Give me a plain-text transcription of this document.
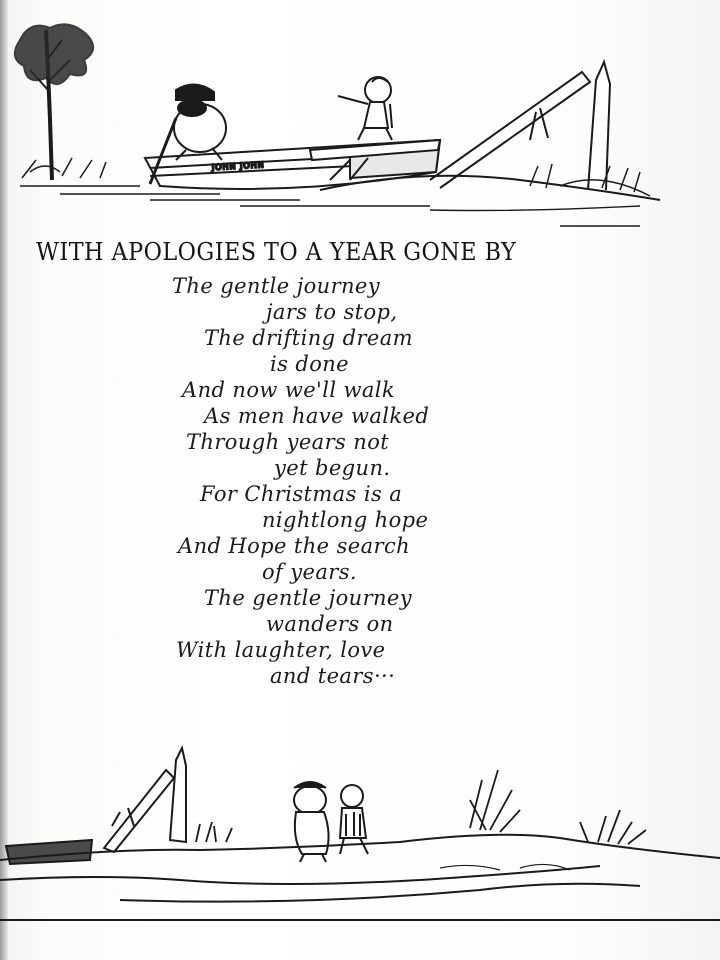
JOHN JOHN
WITH APOLOGIES TO A YEAR GONE BY
The gentle journey
jars to stop,
The drifting dream
is done
And now we'll walk
As men have walked
Through years not
yet begun.
For Christmas is a
nightlong hope
And Hope the search
of years.
The gentle journey
wanders on
With laughter, love
and tears···
